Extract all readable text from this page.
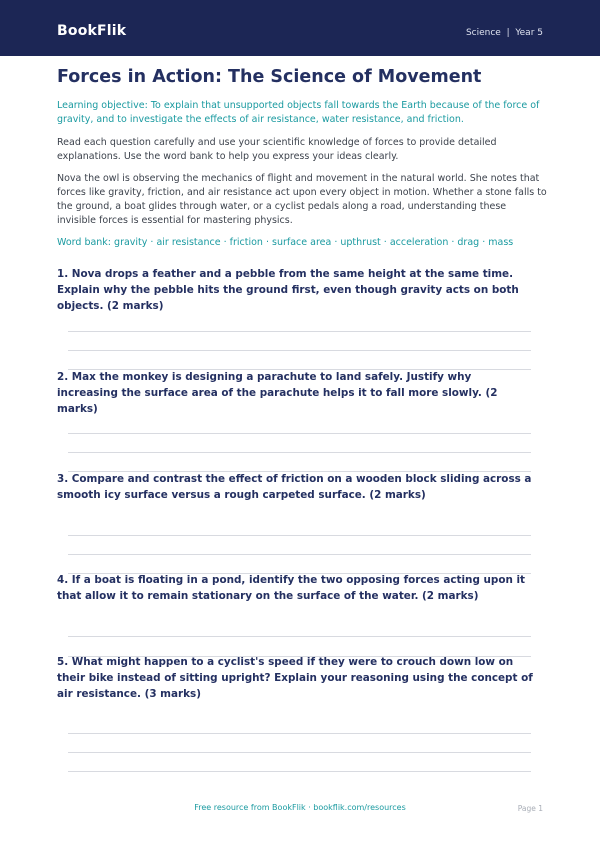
BookFlik	Science | Year 5
Forces in Action: The Science of Movement
Learning objective: To explain that unsupported objects fall towards the Earth because of the force of gravity, and to investigate the effects of air resistance, water resistance, and friction.
Read each question carefully and use your scientific knowledge of forces to provide detailed explanations. Use the word bank to help you express your ideas clearly.
Nova the owl is observing the mechanics of flight and movement in the natural world. She notes that forces like gravity, friction, and air resistance act upon every object in motion. Whether a stone falls to the ground, a boat glides through water, or a cyclist pedals along a road, understanding these invisible forces is essential for mastering physics.
Word bank: gravity · air resistance · friction · surface area · upthrust · acceleration · drag · mass
1. Nova drops a feather and a pebble from the same height at the same time. Explain why the pebble hits the ground first, even though gravity acts on both objects. (2 marks)
2. Max the monkey is designing a parachute to land safely. Justify why increasing the surface area of the parachute helps it to fall more slowly. (2 marks)
3. Compare and contrast the effect of friction on a wooden block sliding across a smooth icy surface versus a rough carpeted surface. (2 marks)
4. If a boat is floating in a pond, identify the two opposing forces acting upon it that allow it to remain stationary on the surface of the water. (2 marks)
5. What might happen to a cyclist's speed if they were to crouch down low on their bike instead of sitting upright? Explain your reasoning using the concept of air resistance. (3 marks)
Free resource from BookFlik · bookflik.com/resources	Page 1
